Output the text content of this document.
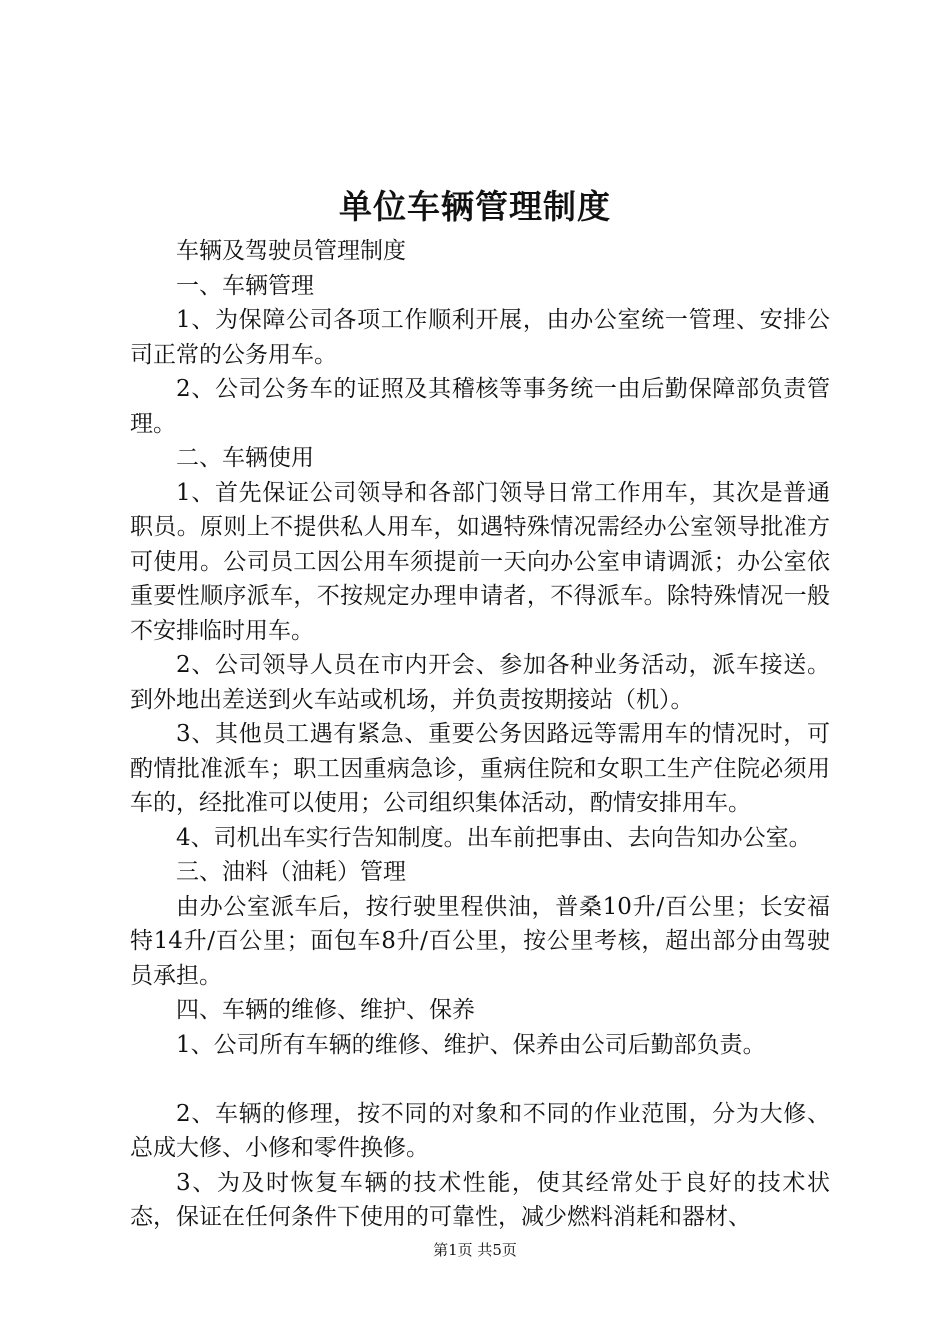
单位车辆管理制度

车辆及驾驶员管理制度

一、车辆管理

1、为保障公司各项工作顺利开展，由办公室统一管理、安排公司正常的公务用车。

2、公司公务车的证照及其稽核等事务统一由后勤保障部负责管理。

二、车辆使用

1、首先保证公司领导和各部门领导日常工作用车，其次是普通职员。原则上不提供私人用车，如遇特殊情况需经办公室领导批准方可使用。公司员工因公用车须提前一天向办公室申请调派；办公室依重要性顺序派车，不按规定办理申请者，不得派车。除特殊情况一般不安排临时用车。

2、公司领导人员在市内开会、参加各种业务活动，派车接送。到外地出差送到火车站或机场，并负责按期接站（机）。

3、其他员工遇有紧急、重要公务因路远等需用车的情况时，可酌情批准派车；职工因重病急诊，重病住院和女职工生产住院必须用车的，经批准可以使用；公司组织集体活动，酌情安排用车。

4、司机出车实行告知制度。出车前把事由、去向告知办公室。

三、油料（油耗）管理

由办公室派车后，按行驶里程供油，普桑10升/百公里；长安福特14升/百公里；面包车8升/百公里，按公里考核，超出部分由驾驶员承担。

四、车辆的维修、维护、保养

1、公司所有车辆的维修、维护、保养由公司后勤部负责。

2、车辆的修理，按不同的对象和不同的作业范围，分为大修、总成大修、小修和零件换修。

3、为及时恢复车辆的技术性能，使其经常处于良好的技术状态，保证在任何条件下使用的可靠性，减少燃料消耗和器材、

第1页 共5页
